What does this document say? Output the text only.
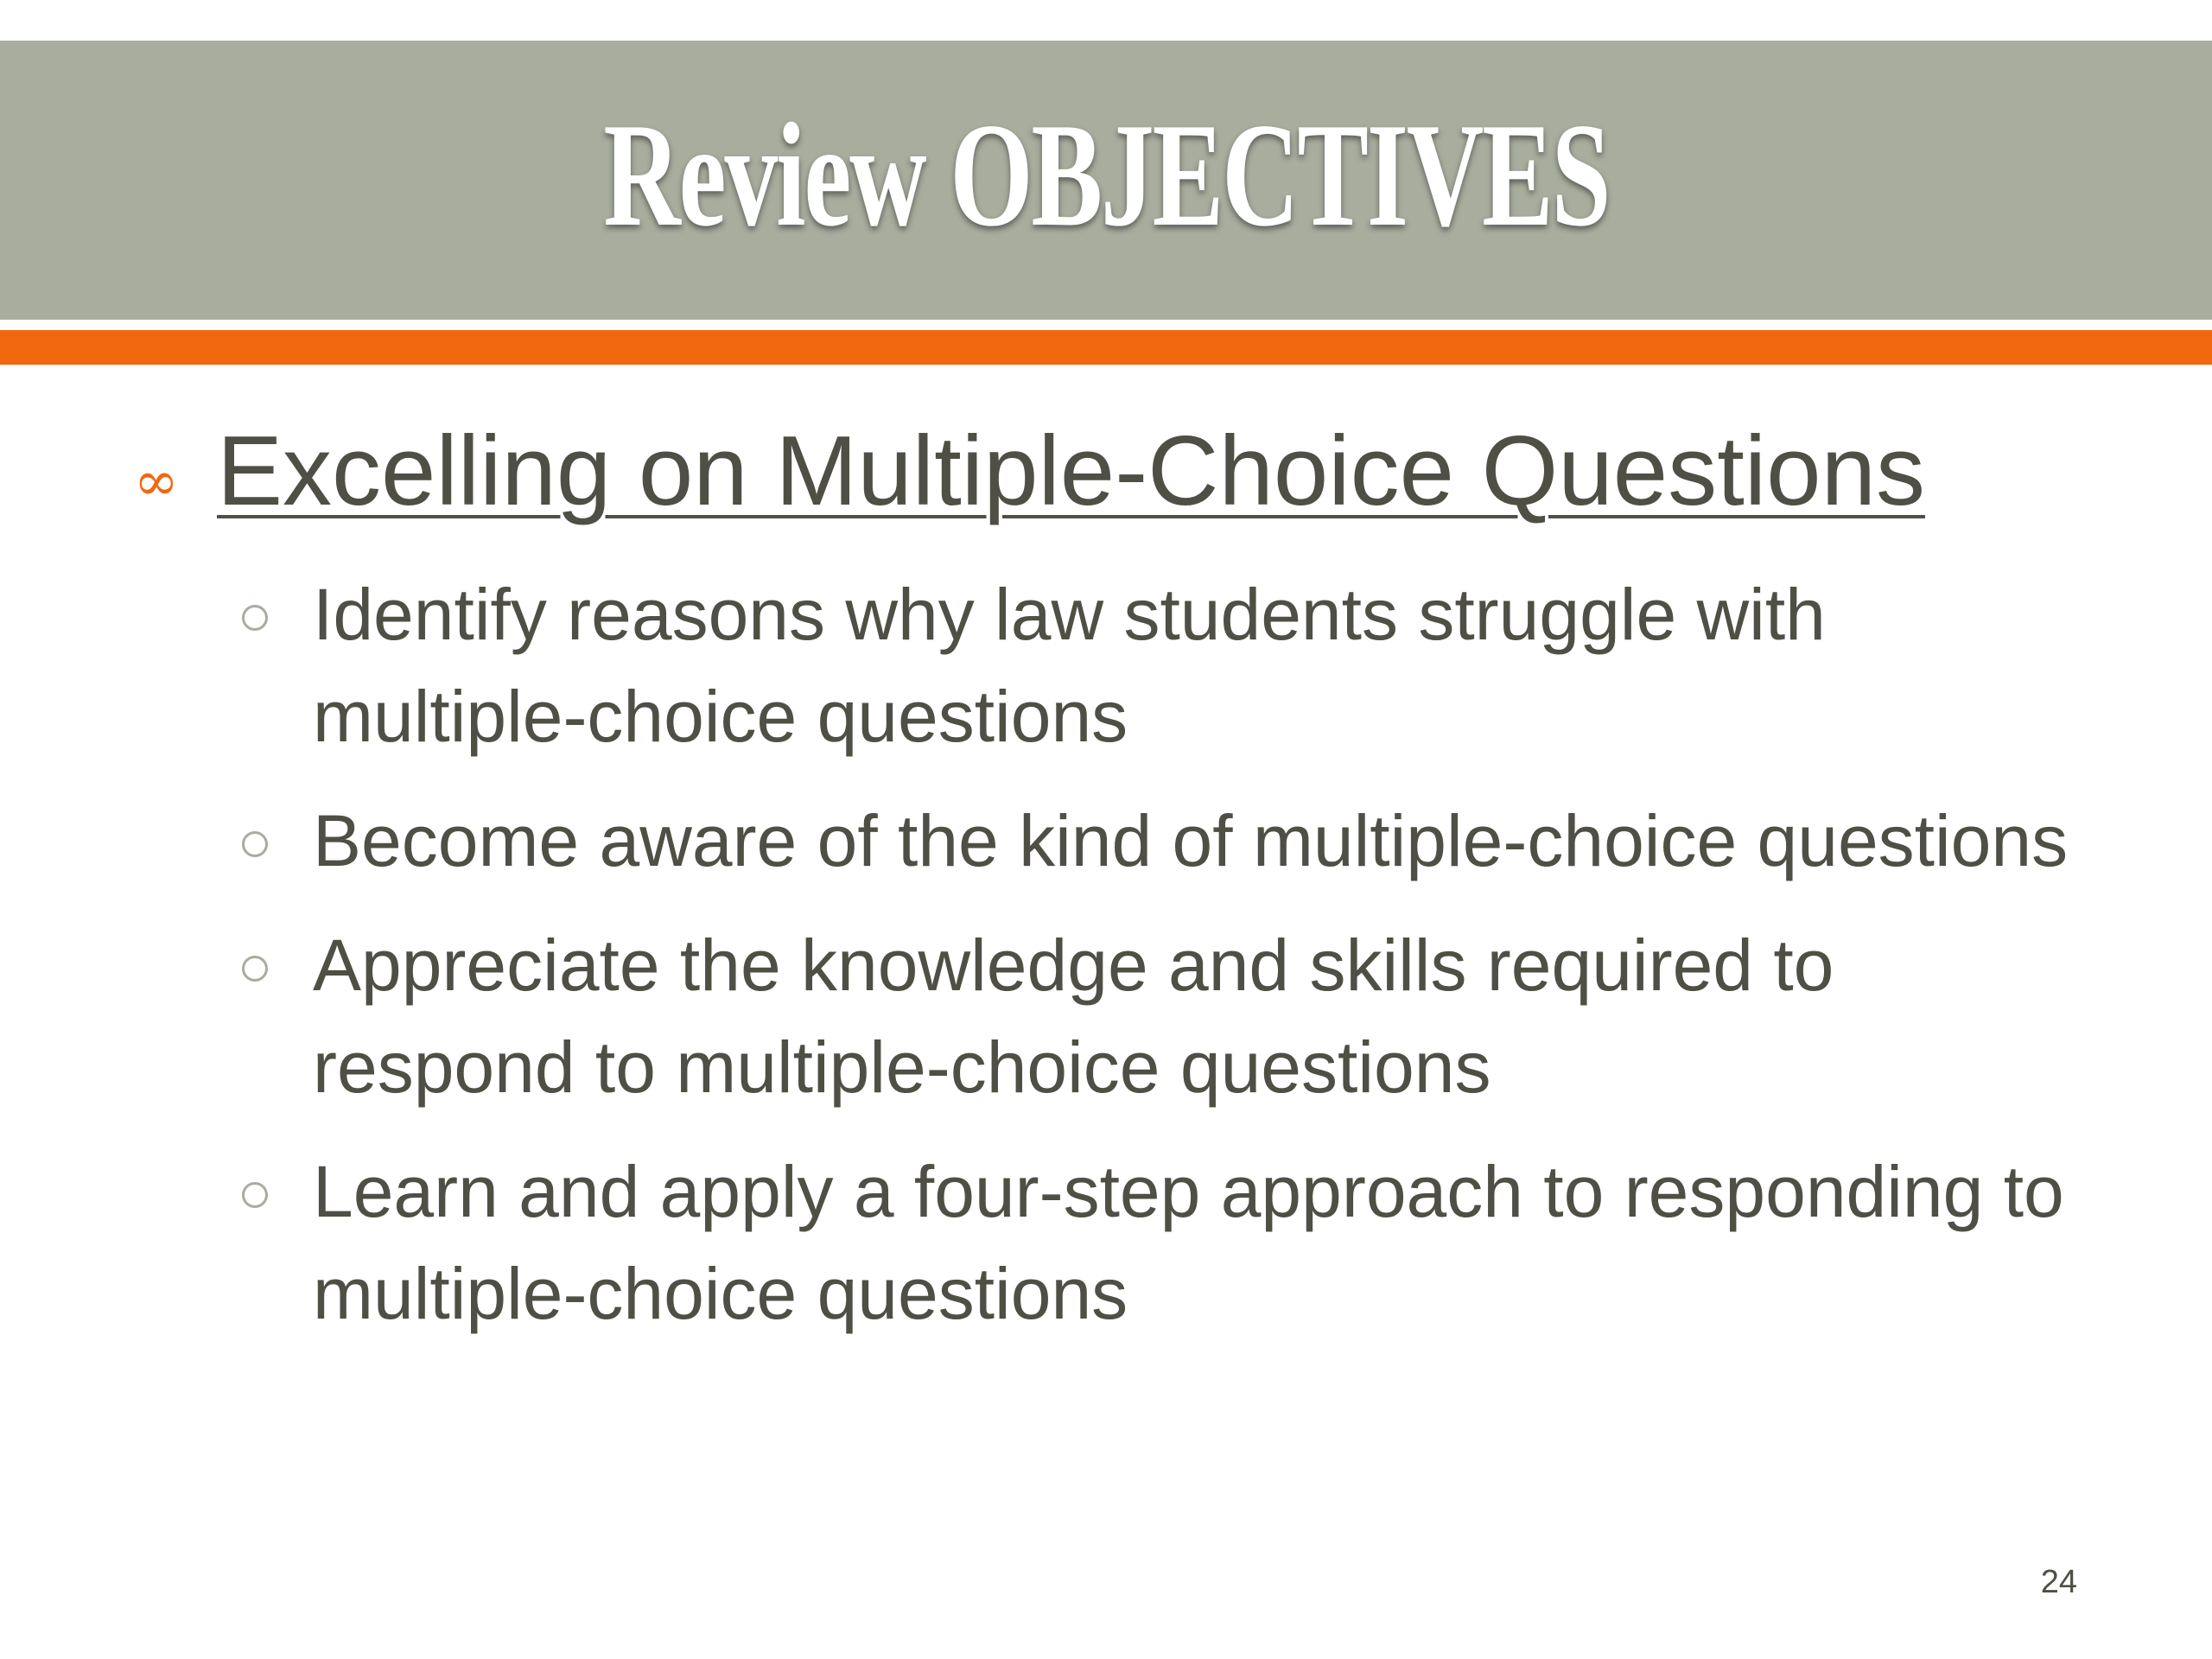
Review OBJECTIVES
∞ Excelling on Multiple-Choice Questions
Identify reasons why law students struggle with multiple-choice questions
Become aware of the kind of multiple-choice questions
Appreciate the knowledge and skills required to respond to multiple-choice questions
Learn and apply a four-step approach to responding to multiple-choice questions
24
